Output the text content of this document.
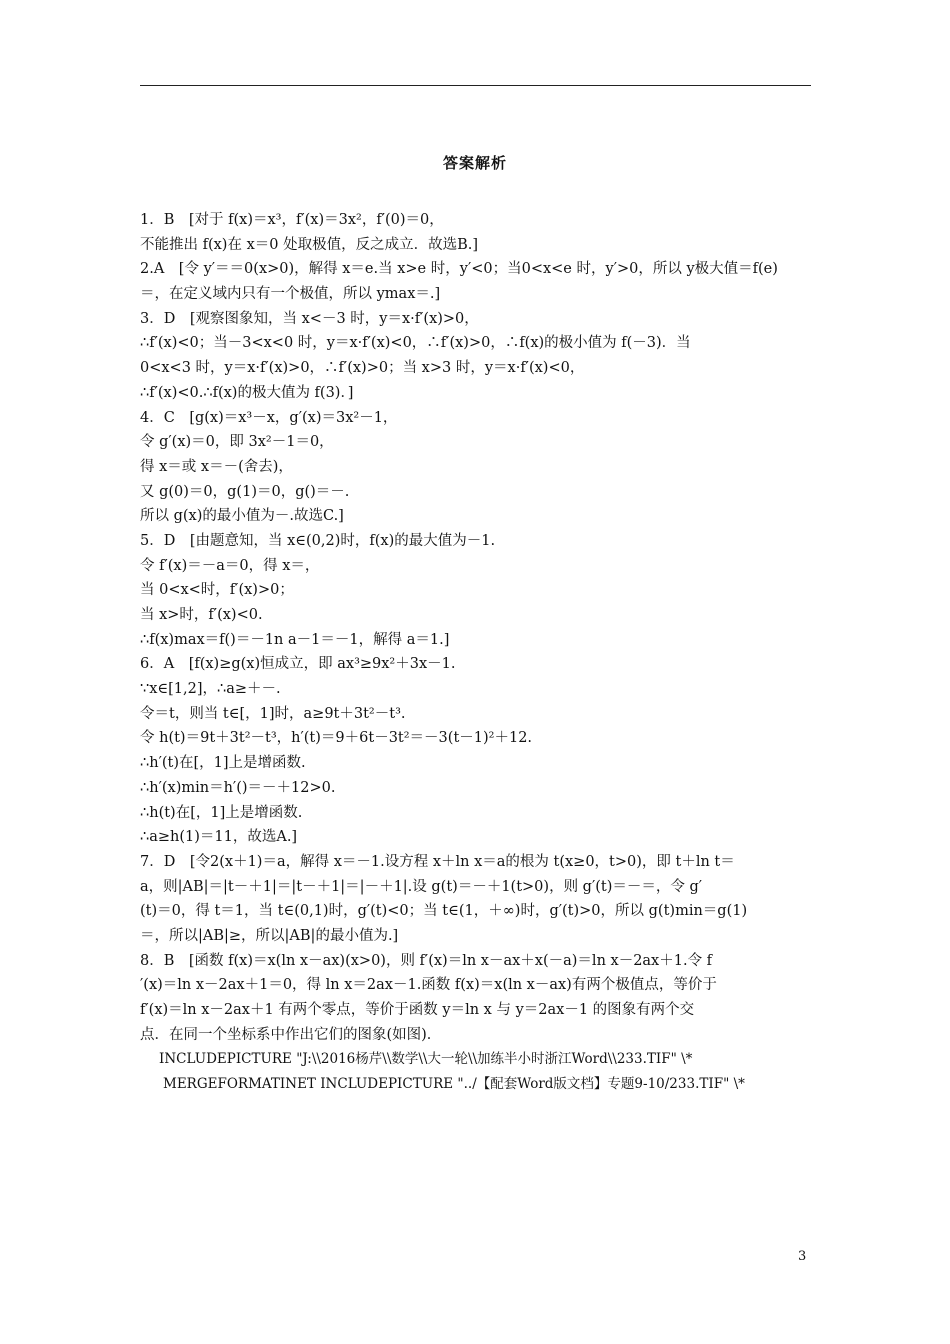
答案解析
1．B　[对于 f(x)＝x³，f′(x)＝3x²，f′(0)＝0，
不能推出 f(x)在 x＝0 处取极值，反之成立．故选B.]
2.A　[令 y′＝＝0(x>0)，解得 x＝e.当 x>e 时，y′<0；当0<x<e 时，y′>0，所以 y极大值＝f(e)
＝，在定义域内只有一个极值，所以 ymax＝.]
3．D　[观察图象知，当 x<－3 时，y＝x·f′(x)>0，
∴f′(x)<0；当－3<x<0 时，y＝x·f′(x)<0，∴f′(x)>0，∴f(x)的极小值为 f(－3)．当
0<x<3 时，y＝x·f′(x)>0，∴f′(x)>0；当 x>3 时，y＝x·f′(x)<0，
∴f′(x)<0.∴f(x)的极大值为 f(3)．]
4．C　[g(x)＝x³－x，g′(x)＝3x²－1，
令 g′(x)＝0，即 3x²－1＝0，
得 x＝或 x＝－(舍去)，
又 g(0)＝0，g(1)＝0，g()＝－.
所以 g(x)的最小值为－.故选C.]
5．D　[由题意知，当 x∈(0,2)时，f(x)的最大值为－1.
令 f′(x)＝－a＝0，得 x＝，
当 0<x<时，f′(x)>0；
当 x>时，f′(x)<0.
∴f(x)max＝f()＝－1n a－1＝－1，解得 a＝1.]
6．A　[f(x)≥g(x)恒成立，即 ax³≥9x²＋3x－1.
∵x∈[1,2]，∴a≥＋－.
令＝t，则当 t∈[，1]时，a≥9t＋3t²－t³.
令 h(t)＝9t＋3t²－t³，h′(t)＝9＋6t－3t²＝－3(t－1)²＋12.
∴h′(t)在[，1]上是增函数.
∴h′(x)min＝h′()＝－＋12>0.
∴h(t)在[，1]上是增函数.
∴a≥h(1)＝11，故选A.]
7．D　[令2(x＋1)＝a，解得 x＝－1.设方程 x＋ln x＝a的根为 t(x≥0，t>0)，即 t＋ln t＝
a，则|AB|＝|t－＋1|＝|t－＋1|＝|－＋1|.设 g(t)＝－＋1(t>0)，则 g′(t)＝－＝，令 g′
(t)＝0，得 t＝1，当 t∈(0,1)时，g′(t)<0；当 t∈(1，＋∞)时，g′(t)>0，所以 g(t)min＝g(1)
＝，所以|AB|≥，所以|AB|的最小值为.]
8．B　[函数 f(x)＝x(ln x－ax)(x>0)，则 f′(x)＝ln x－ax＋x(－a)＝ln x－2ax＋1.令 f
′(x)＝ln x－2ax＋1＝0，得 ln x＝2ax－1.函数 f(x)＝x(ln x－ax)有两个极值点，等价于
f′(x)＝ln x－2ax＋1 有两个零点，等价于函数 y＝ln x 与 y＝2ax－1 的图象有两个交
点．在同一个坐标系中作出它们的图象(如图)．
INCLUDEPICTURE "J:\\2016杨芹\\数学\\大一轮\\加练半小时浙江Word\\233.TIF" \*
MERGEFORMATINET INCLUDEPICTURE "../【配套Word版文档】专题9-10/233.TIF" \*
3
